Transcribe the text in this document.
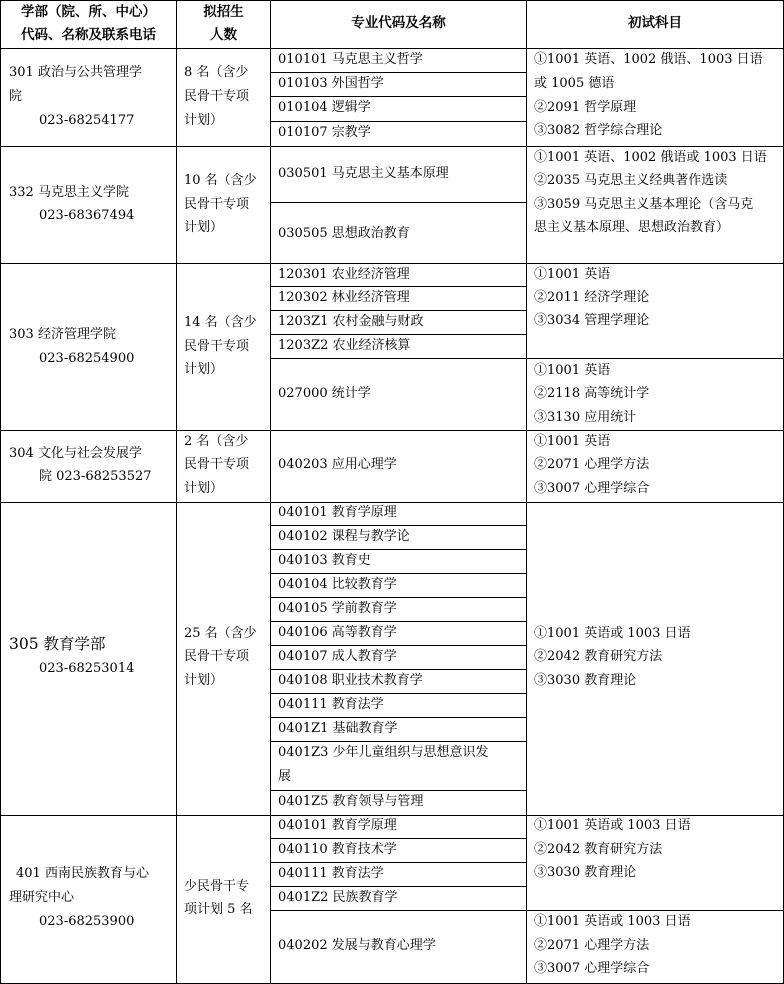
学部（院、所、中心）
代码、名称及联系电话
拟招生
人数
专业代码及名称	初试科目
301 政治与公共管理学
院
023-68254177
8 名（含少
民骨干专项
计划）
010101 马克思主义哲学
010103 外国哲学
010104 逻辑学
010107 宗教学
①1001 英语、1002 俄语、1003 日语
或 1005 德语
②2091 哲学原理
③3082 哲学综合理论
332 马克思主义学院
023-68367494
10 名（含少
民骨干专项
计划）
030501 马克思主义基本原理
030505 思想政治教育
①1001 英语、1002 俄语或 1003 日语
②2035 马克思主义经典著作选读
③3059 马克思主义基本理论（含马克
思主义基本原理、思想政治教育）
303 经济管理学院
023-68254900
14 名（含少
民骨干专项
计划）
120301 农业经济管理
120302 林业经济管理
1203Z1 农村金融与财政
1203Z2 农业经济核算
027000 统计学
①1001 英语
②2011 经济学理论
③3034 管理学理论
①1001 英语
②2118 高等统计学
③3130 应用统计
304 文化与社会发展学
院 023-68253527
2 名（含少
民骨干专项
计划）
040203 应用心理学
①1001 英语
②2071 心理学方法
③3007 心理学综合
305 教育学部
023-68253014
25 名（含少
民骨干专项
计划）
040101 教育学原理
040102 课程与教学论
040103 教育史
040104 比较教育学
040105 学前教育学
040106 高等教育学
040107 成人教育学
040108 职业技术教育学
040111 教育法学
0401Z1 基础教育学
0401Z3 少年儿童组织与思想意识发
展
0401Z5 教育领导与管理
①1001 英语或 1003 日语
②2042 教育研究方法
③3030 教育理论
401 西南民族教育与心
理研究中心
023-68253900
少民骨干专
项计划 5 名
040101 教育学原理
040110 教育技术学
040111 教育法学
0401Z2 民族教育学
040202 发展与教育心理学
①1001 英语或 1003 日语
②2042 教育研究方法
③3030 教育理论
①1001 英语或 1003 日语
②2071 心理学方法
③3007 心理学综合
